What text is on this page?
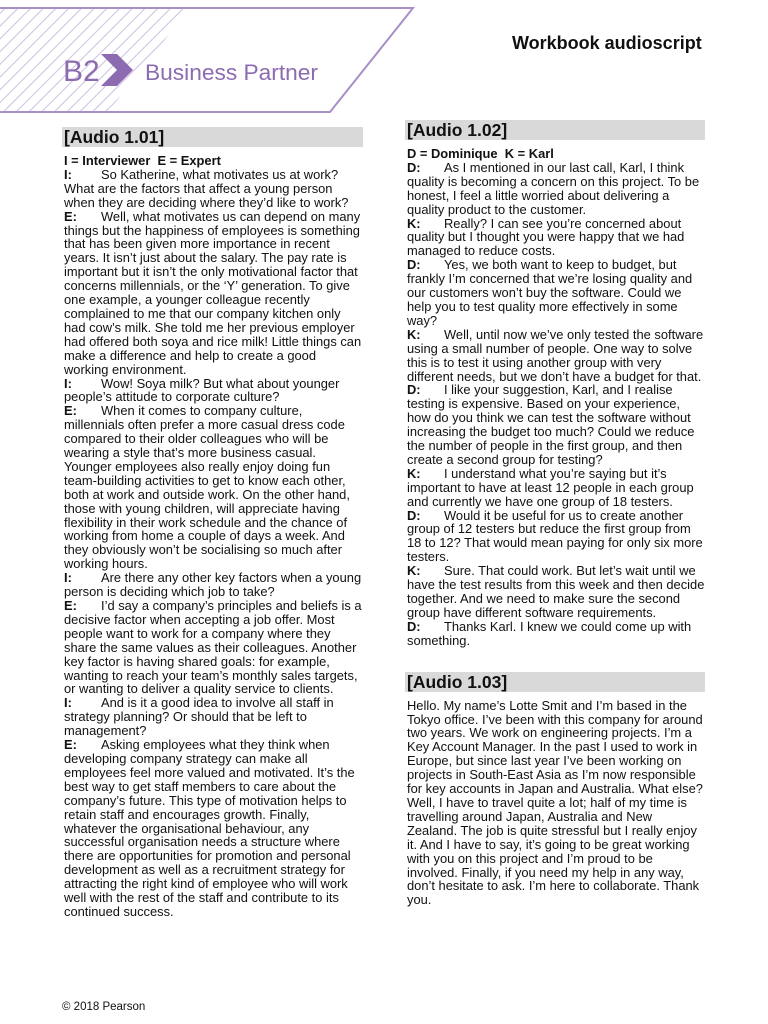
B2 Business Partner
Workbook audioscript
[Audio 1.01]
I = Interviewer  E = Expert
I: So Katherine, what motivates us at work? What are the factors that affect a young person when they are deciding where they’d like to work?
E: Well, what motivates us can depend on many things but the happiness of employees is something that has been given more importance in recent years. It isn’t just about the salary. The pay rate is important but it isn’t the only motivational factor that concerns millennials, or the ‘Y’ generation. To give one example, a younger colleague recently complained to me that our company kitchen only had cow’s milk. She told me her previous employer had offered both soya and rice milk! Little things can make a difference and help to create a good working environment.
I: Wow! Soya milk? But what about younger people’s attitude to corporate culture?
E: When it comes to company culture, millennials often prefer a more casual dress code compared to their older colleagues who will be wearing a style that’s more business casual. Younger employees also really enjoy doing fun team-building activities to get to know each other, both at work and outside work. On the other hand, those with young children, will appreciate having flexibility in their work schedule and the chance of working from home a couple of days a week. And they obviously won’t be socialising so much after working hours.
I: Are there any other key factors when a young person is deciding which job to take?
E: I’d say a company’s principles and beliefs is a decisive factor when accepting a job offer. Most people want to work for a company where they share the same values as their colleagues. Another key factor is having shared goals: for example, wanting to reach your team’s monthly sales targets, or wanting to deliver a quality service to clients.
I: And is it a good idea to involve all staff in strategy planning? Or should that be left to management?
E: Asking employees what they think when developing company strategy can make all employees feel more valued and motivated. It’s the best way to get staff members to care about the company’s future. This type of motivation helps to retain staff and encourages growth. Finally, whatever the organisational behaviour, any successful organisation needs a structure where there are opportunities for promotion and personal development as well as a recruitment strategy for attracting the right kind of employee who will work well with the rest of the staff and contribute to its continued success.
[Audio 1.02]
D = Dominique  K = Karl
D: As I mentioned in our last call, Karl, I think quality is becoming a concern on this project. To be honest, I feel a little worried about delivering a quality product to the customer.
K: Really? I can see you’re concerned about quality but I thought you were happy that we had managed to reduce costs.
D: Yes, we both want to keep to budget, but frankly I’m concerned that we’re losing quality and our customers won’t buy the software. Could we help you to test quality more effectively in some way?
K: Well, until now we’ve only tested the software using a small number of people. One way to solve this is to test it using another group with very different needs, but we don’t have a budget for that.
D: I like your suggestion, Karl, and I realise testing is expensive. Based on your experience, how do you think we can test the software without increasing the budget too much? Could we reduce the number of people in the first group, and then create a second group for testing?
K: I understand what you’re saying but it’s important to have at least 12 people in each group and currently we have one group of 18 testers.
D: Would it be useful for us to create another group of 12 testers but reduce the first group from 18 to 12? That would mean paying for only six more testers.
K: Sure. That could work. But let’s wait until we have the test results from this week and then decide together. And we need to make sure the second group have different software requirements.
D: Thanks Karl. I knew we could come up with something.
[Audio 1.03]
Hello. My name’s Lotte Smit and I’m based in the Tokyo office. I’ve been with this company for around two years. We work on engineering projects. I’m a Key Account Manager. In the past I used to work in Europe, but since last year I’ve been working on projects in South-East Asia as I’m now responsible for key accounts in Japan and Australia. What else? Well, I have to travel quite a lot; half of my time is travelling around Japan, Australia and New Zealand. The job is quite stressful but I really enjoy it. And I have to say, it’s going to be great working with you on this project and I’m proud to be involved. Finally, if you need my help in any way, don’t hesitate to ask. I’m here to collaborate. Thank you.
© 2018 Pearson
